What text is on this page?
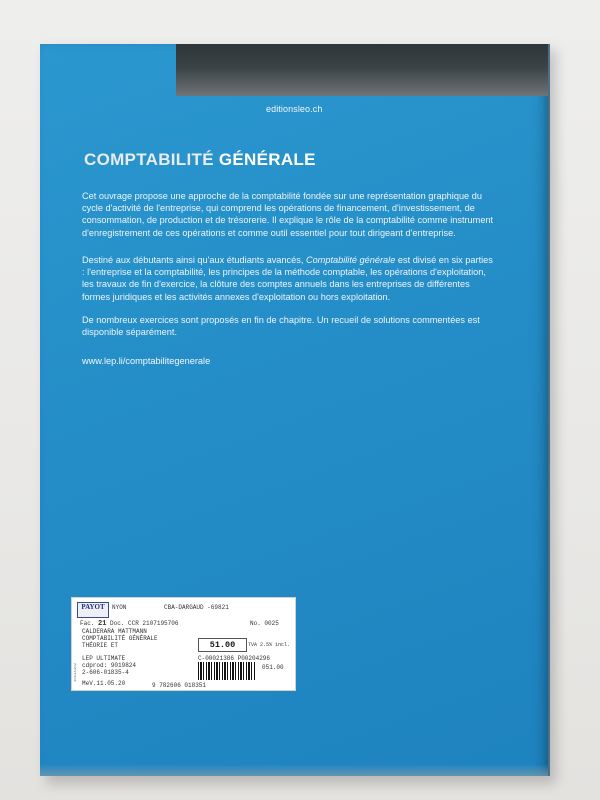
editionsleo.ch
COMPTABILITÉ GÉNÉRALE
Cet ouvrage propose une approche de la comptabilité fondée sur une représentation graphique du cycle d'activité de l'entreprise, qui comprend les opérations de financement, d'investissement, de consommation, de production et de trésorerie. Il explique le rôle de la comptabilité comme instrument d'enregistrement de ces opérations et comme outil essentiel pour tout dirigeant d'entreprise.
Destiné aux débutants ainsi qu'aux étudiants avancés, Comptabilité générale est divisé en six parties : l'entreprise et la comptabilité, les principes de la méthode comptable, les opérations d'exploitation, les travaux de fin d'exercice, la clôture des comptes annuels dans les entreprises de différentes formes juridiques et les activités annexes d'exploitation ou hors exploitation.
De nombreux exercices sont proposés en fin de chapitre. Un recueil de solutions commentées est disponible séparément.
www.lep.li/comptabilitegenerale
PAYOT	NYON	CBA-DARGAUD -69821
Fac. 21 Doc. CCR 2107195706	No. 0025
CALDERARA MATTMANN
COMPTABILITÉ GÉNÉRALE
THÉORIE ET	51.00	TVA 2.5% incl.
LEP ULTIMATE	C-00021386 P00204296
cdprod: 9019824
2-606-01835-4
051.00
MeV.11.05.20	9 782606 018351
10515102
